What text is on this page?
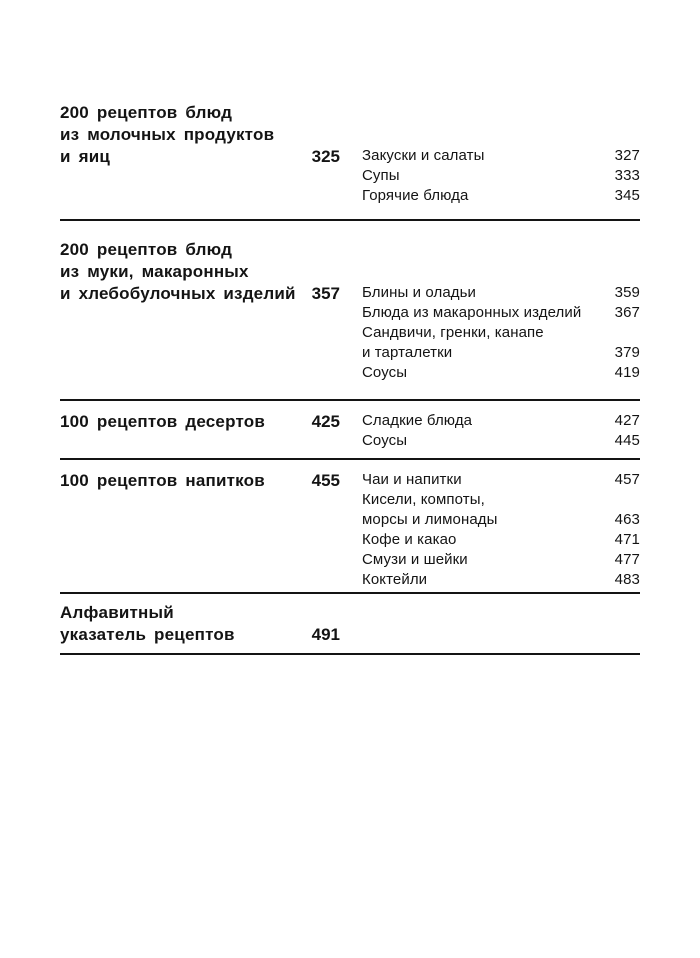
200 рецептов блюд
из молочных продуктов
и яиц	325 Закуски и салаты	327
Супы	333
Горячие блюда	345
200 рецептов блюд
из муки, макаронных
и хлебобулочных изделий 357 Блины и оладьи	359
Блюда из макаронных изделий	367
Сандвичи, гренки, канапе
и тарталетки	379
Соусы	419
100 рецептов десертов	425 Сладкие блюда	427
Соусы	445
100 рецептов напитков	455 Чаи и напитки	457
Кисели, компоты,
морсы и лимонады	463
Кофе и какао	471
Смузи и шейки	477
Коктейли	483
Алфавитный
указатель рецептов	491
